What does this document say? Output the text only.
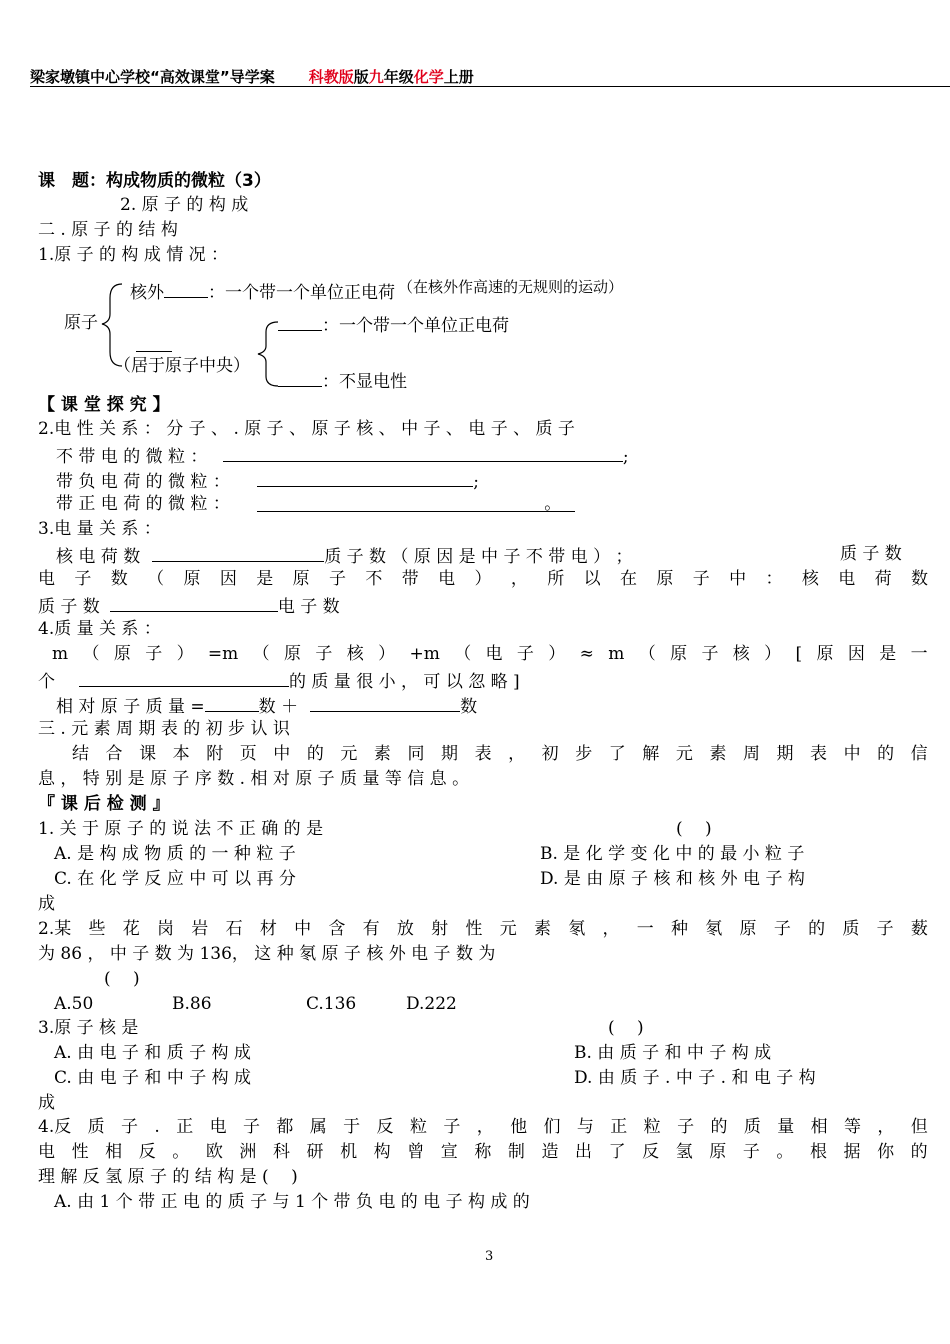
梁家墩镇中心学校“高效课堂”导学案 科教版版九年级化学上册
课　题：构成物质的微粒（3）
2. 原 子 的 构 成
二 . 原 子 的 结 构
1.原 子 的 构 成 情 况 ：
原子
核外	：一个带一个单位正电荷 （在核外作高速的无规则的运动）
（居于原子中央）
：一个带一个单位正电荷
：不显电性
【 课 堂 探 究 】
2.电 性 关 系 ： 分 子 、 . 原 子 、 原 子 核 、 中 子 、 电 子 、 质 子
不 带 电 的 微 粒 ：	;
带 负 电 荷 的 微 粒 ：	;
带 正 电 荷 的 微 粒 ：	。
3.电 量 关 系 ：
核 电 荷 数	质 子 数 （ 原 因 是 中 子 不 带 电 ） ；	质 子 数
电 子 数 （ 原 因 是 原 子 不 带 电 ） ， 所 以 在 原 子 中 ： 核 电 荷 数
质 子 数	电 子 数
4.质 量 关 系 ：
m （ 原 子 ） =m （ 原 子 核 ） +m （ 电 子 ） ≈ m （ 原 子 核 ） [ 原 因 是 一
个	的 质 量 很 小 ， 可 以 忽 略 ]
相 对 原 子 质 量 =	数 ＋	数
三 . 元 素 周 期 表 的 初 步 认 识
结 合 课 本 附 页 中 的 元 素 同 期 表 ， 初 步 了 解 元 素 周 期 表 中 的 信
息 ， 特 别 是 原 子 序 数 . 相 对 原 子 质 量 等 信 息 。
『 课 后 检 测 』
1. 关 于 原 子 的 说 法 不 正 确 的 是	(　 )
A. 是 构 成 物 质 的 一 种 粒 子	B. 是 化 学 变 化 中 的 最 小 粒 子
C. 在 化 学 反 应 中 可 以 再 分	D. 是 由 原 子 核 和 核 外 电 子 构
成
2.某 些 花 岗 岩 石 材 中 含 有 放 射 性 元 素 氡 ， 一 种 氡 原 子 的 质 子 薮
为 86 ， 中 子 数 为 136， 这 种 氡 原 子 核 外 电 子 数 为
(　 )
A.50	B.86	C.136	D.222
3.原 子 核 是	(　 )
A. 由 电 子 和 质 子 构 成	B. 由 质 子 和 中 子 构 成
C. 由 电 子 和 中 子 构 成	D. 由 质 子 . 中 子 . 和 电 子 构
成
4.反 质 子 . 正 电 子 都 属 于 反 粒 子 ， 他 们 与 正 粒 子 的 质 量 相 等 ， 但
电 性 相 反 。 欧 洲 科 研 机 构 曾 宣 称 制 造 出 了 反 氢 原 子 。 根 据 你 的
理 解 反 氢 原 子 的 结 构 是 (　 )
A. 由 1 个 带 正 电 的 质 子 与 1 个 带 负 电 的 电 子 构 成 的
3
